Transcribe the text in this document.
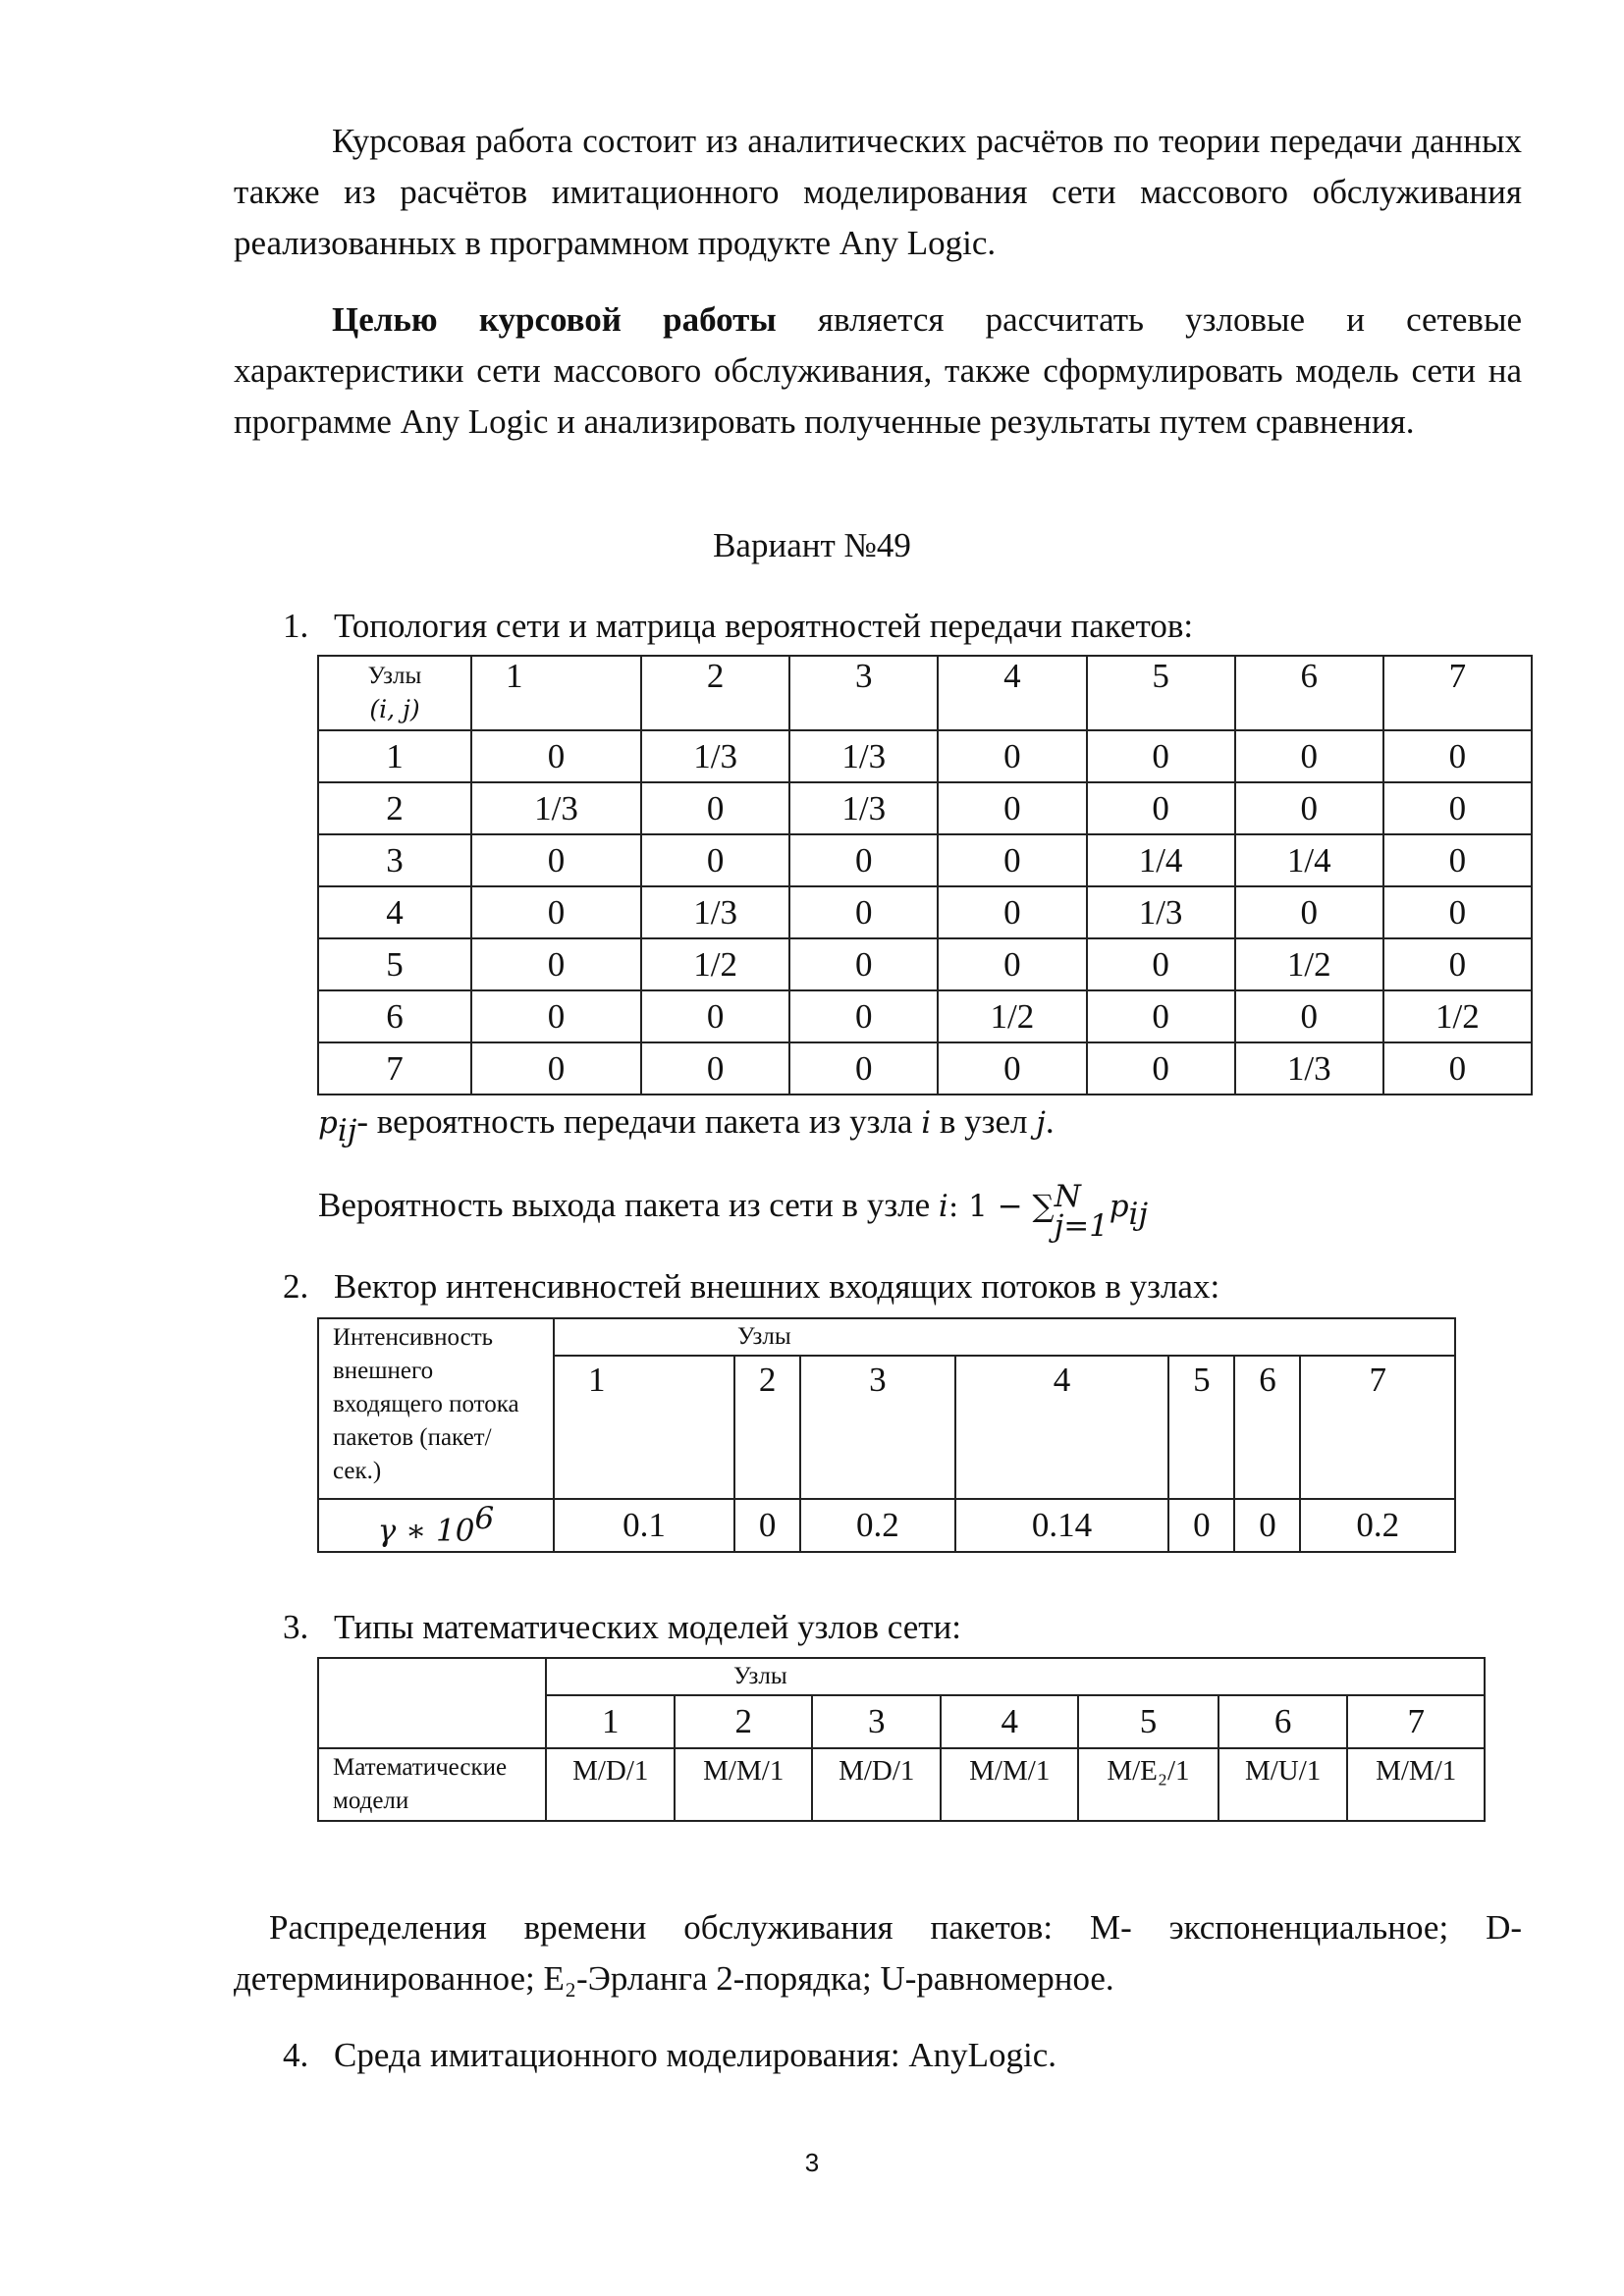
Курсовая работа состоит из аналитических расчётов по теории передачи данных также из расчётов имитационного моделирования сети массового обслуживания реализованных в программном продукте Any Logic.
Целью курсовой работы является рассчитать узловые и сетевые характеристики сети массового обслуживания, также сформулировать модель сети на программе Any Logic и анализировать полученные результаты путем сравнения.
Вариант №49
1. Топология сети и матрица вероятностей передачи пакетов:
Узлы
(i, j)	1	2	3	4	5	6	7
1	0	1/3	1/3	0	0	0	0
2	1/3	0	1/3	0	0	0	0
3	0	0	0	0	1/4	1/4	0
4	0	1/3	0	0	1/3	0	0
5	0	1/2	0	0	0	1/2	0
6	0	0	0	1/2	0	0	1/2
7	0	0	0	0	0	1/3	0
$p_{ij}-$ вероятность передачи пакета из узла i в узел j.
Вероятность выхода пакета из сети в узле i: 1 − ∑ N
j=1
$p_{ij}$
2. Вектор интенсивностей внешних входящих потоков в узлах:
Интенсивность внешнего входящего потока пакетов (пакет/сек.)	Узлы						
	1	2	3	4	5	6	7
γ ∗ $10^6$	0.1	0	0.2	0.14	0	0	0.2
3. Типы математических моделей узлов сети:
	Узлы						
	1	2	3	4	5	6	7
Математические модели	M/D/1	M/M/1	M/D/1	M/M/1	M/E₂/1	M/U/1	M/M/1
Распределения времени обслуживания пакетов: M- экспоненциальное; D-детерминированное; E₂-Эрланга 2-порядка; U-равномерное.
4. Среда имитационного моделирования: AnyLogic.
3
